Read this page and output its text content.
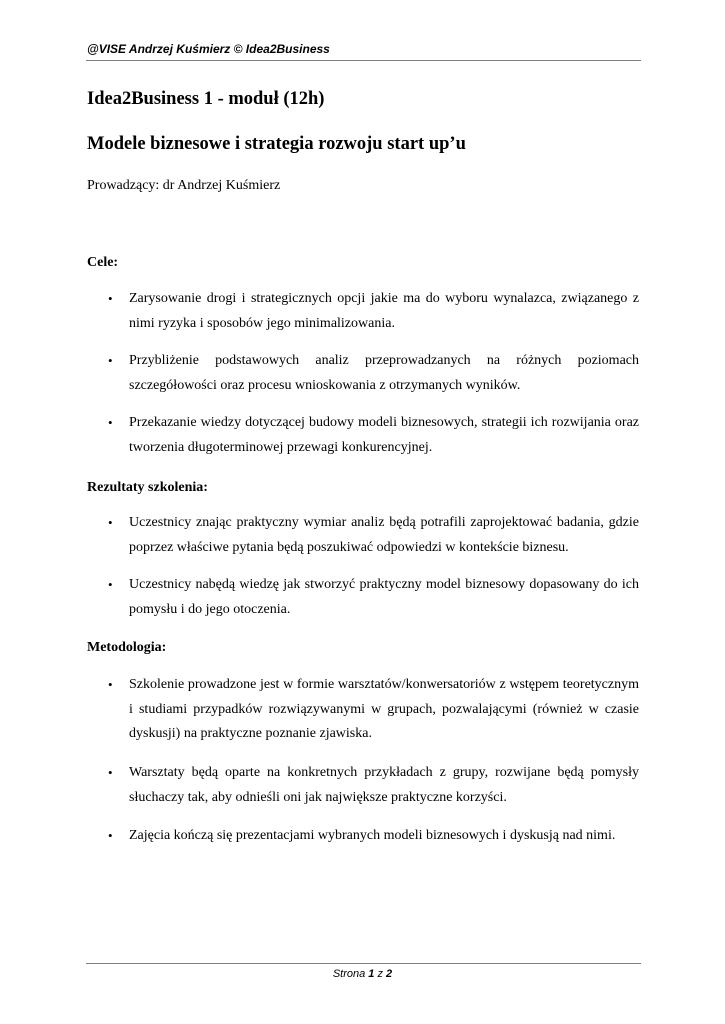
@VISE Andrzej Kuśmierz © Idea2Business
Idea2Business 1 - moduł (12h)
Modele biznesowe i strategia rozwoju start up’u
Prowadzący: dr Andrzej Kuśmierz
Cele:
• Zarysowanie drogi i strategicznych opcji jakie ma do wyboru wynalazca, związanego z nimi ryzyka i sposobów jego minimalizowania.
• Przybliżenie podstawowych analiz przeprowadzanych na różnych poziomach szczegółowości oraz procesu wnioskowania z otrzymanych wyników.
• Przekazanie wiedzy dotyczącej budowy modeli biznesowych, strategii ich rozwijania oraz tworzenia długoterminowej przewagi konkurencyjnej.
Rezultaty szkolenia:
• Uczestnicy znając praktyczny wymiar analiz będą potrafili zaprojektować badania, gdzie poprzez właściwe pytania będą poszukiwać odpowiedzi w kontekście biznesu.
• Uczestnicy nabędą wiedzę jak stworzyć praktyczny model biznesowy dopasowany do ich pomysłu i do jego otoczenia.
Metodologia:
• Szkolenie prowadzone jest w formie warsztatów/konwersatoriów z wstępem teoretycznym i studiami przypadków rozwiązywanymi w grupach, pozwalającymi (również w czasie dyskusji) na praktyczne poznanie zjawiska.
• Warsztaty będą oparte na konkretnych przykładach z grupy, rozwijane będą pomysły słuchaczy tak, aby odnieśli oni jak największe praktyczne korzyści.
• Zajęcia kończą się prezentacjami wybranych modeli biznesowych i dyskusją nad nimi.
Strona 1 z 2
